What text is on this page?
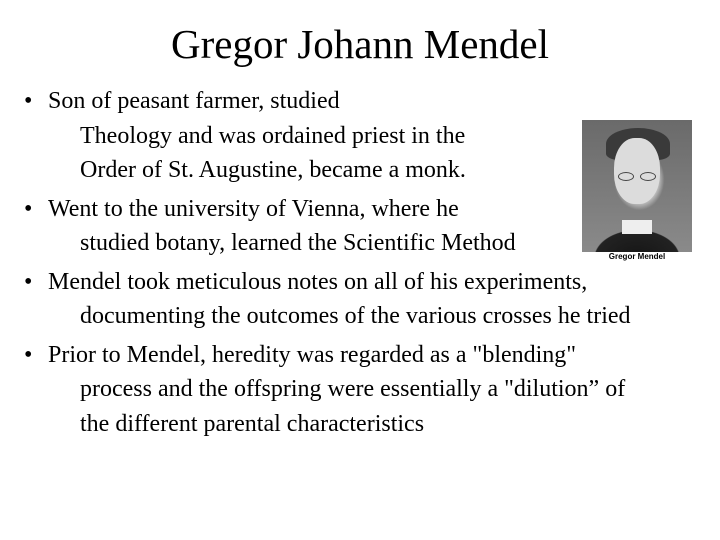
Gregor Johann Mendel
• Son of peasant farmer, studied
Theology and was ordained priest in the
Order of St. Augustine, became a monk.
• Went to the university of Vienna, where he
studied botany, learned the Scientific Method
• Mendel took meticulous notes on all of his experiments,
documenting the outcomes of the various crosses he tried
• Prior to Mendel, heredity was regarded as a "blending"
process and the offspring were essentially a "dilution” of
the different parental characteristics
Gregor Mendel
